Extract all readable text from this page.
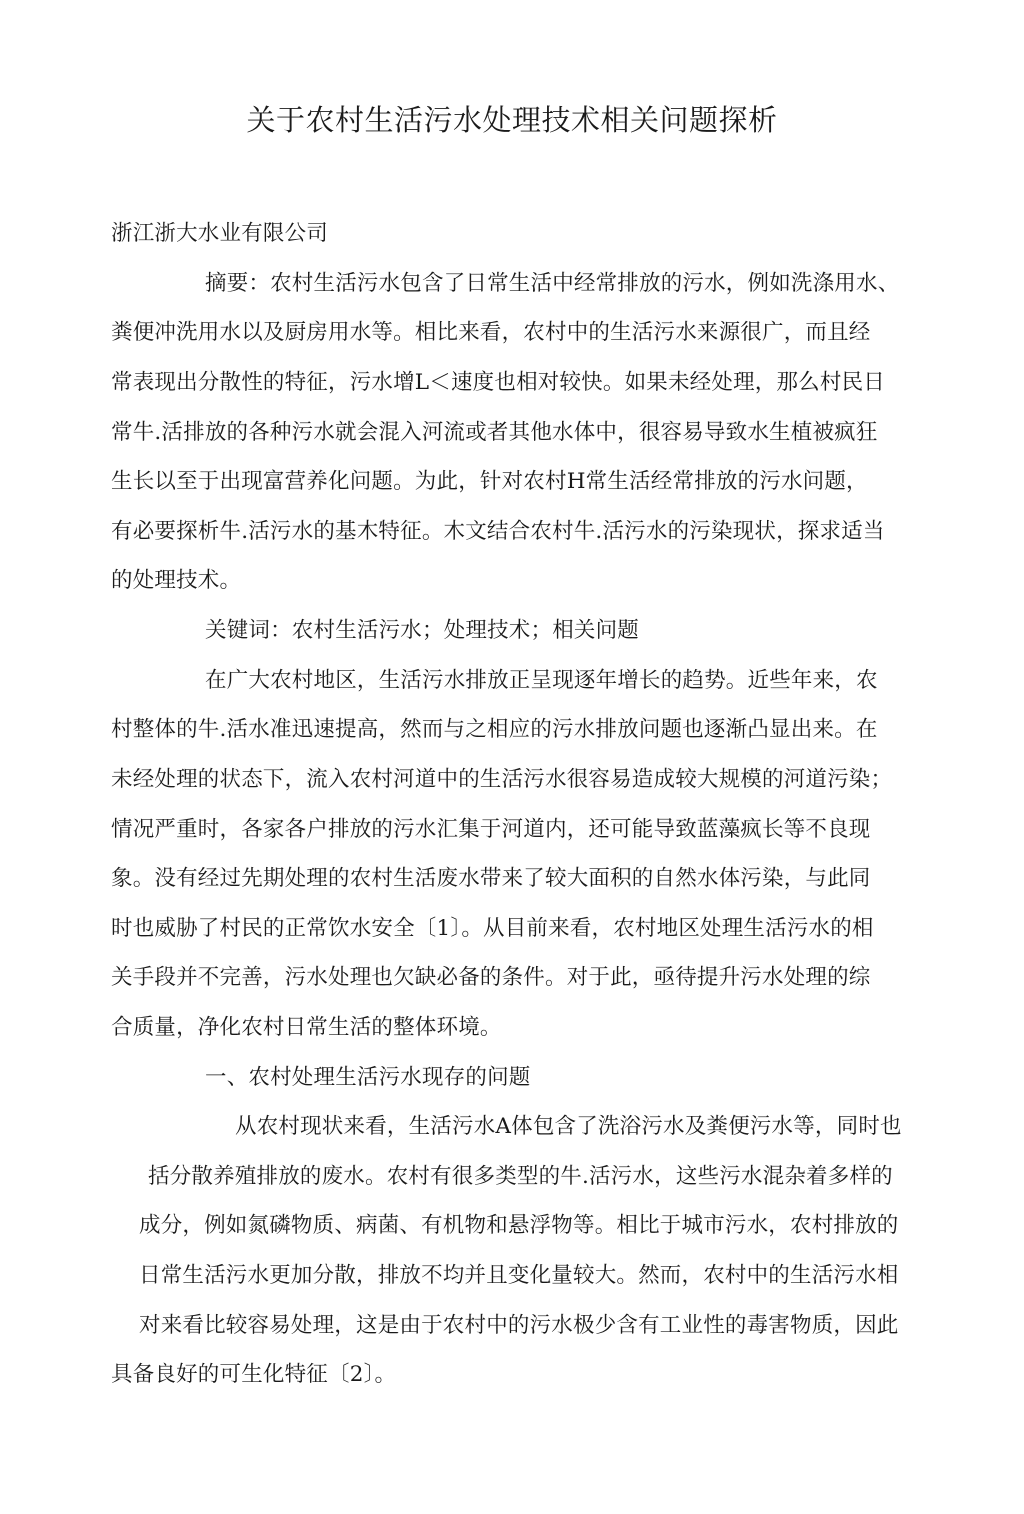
关于农村生活污水处理技术相关问题探析
浙江浙大水业有限公司
摘要：农村生活污水包含了日常生活中经常排放的污水，例如洗涤用水、
粪便冲洗用水以及厨房用水等。相比来看，农村中的生活污水来源很广，而且经
常表现出分散性的特征，污水增L＜速度也相对较快。如果未经处理，那么村民日
常牛.活排放的各种污水就会混入河流或者其他水体中，很容易导致水生植被疯狂
生长以至于出现富营养化问题。为此，针对农村H常生活经常排放的污水问题，
有必要探析牛.活污水的基木特征。木文结合农村牛.活污水的污染现状，探求适当
的处理技术。
关键词：农村生活污水；处理技术；相关问题
在广大农村地区，生活污水排放正呈现逐年增长的趋势。近些年来，农
村整体的牛.活水准迅速提高，然而与之相应的污水排放问题也逐渐凸显出来。在
未经处理的状态下，流入农村河道中的生活污水很容易造成较大规模的河道污染；
情况严重时，各家各户排放的污水汇集于河道内，还可能导致蓝藻疯长等不良现
象。没有经过先期处理的农村生活废水带来了较大面积的自然水体污染，与此同
时也威胁了村民的正常饮水安全〔1〕。从目前来看，农村地区处理生活污水的相
关手段并不完善，污水处理也欠缺必备的条件。对于此，亟待提升污水处理的综
合质量，净化农村日常生活的整体环境。
一、农村处理生活污水现存的问题
从农村现状来看，生活污水A体包含了洗浴污水及粪便污水等，同时也
括分散养殖排放的废水。农村有很多类型的牛.活污水，这些污水混杂着多样的
成分，例如氮磷物质、病菌、有机物和悬浮物等。相比于城市污水，农村排放的
日常生活污水更加分散，排放不均并且变化量较大。然而，农村中的生活污水相
对来看比较容易处理，这是由于农村中的污水极少含有工业性的毒害物质，因此
具备良好的可生化特征〔2〕。
